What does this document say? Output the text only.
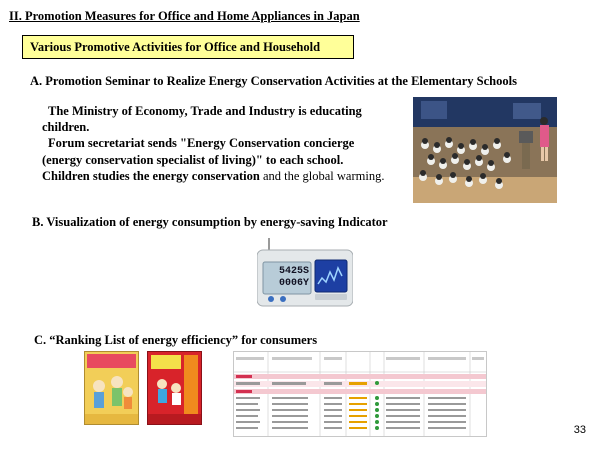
II. Promotion Measures for Office and Home Appliances in Japan
Various Promotive Activities for Office and Household
A. Promotion Seminar to Realize Energy Conservation Activities at the Elementary Schools

The Ministry of Economy, Trade and Industry is educating children.

Forum secretariat sends "Energy Conservation concierge (energy conservation specialist of living)" to each school. Children studies the energy conservation and the global warming.

B. Visualization of energy consumption by energy-saving Indicator
5425S
0006Y
C. “Ranking List of energy efficiency” for consumers
33
